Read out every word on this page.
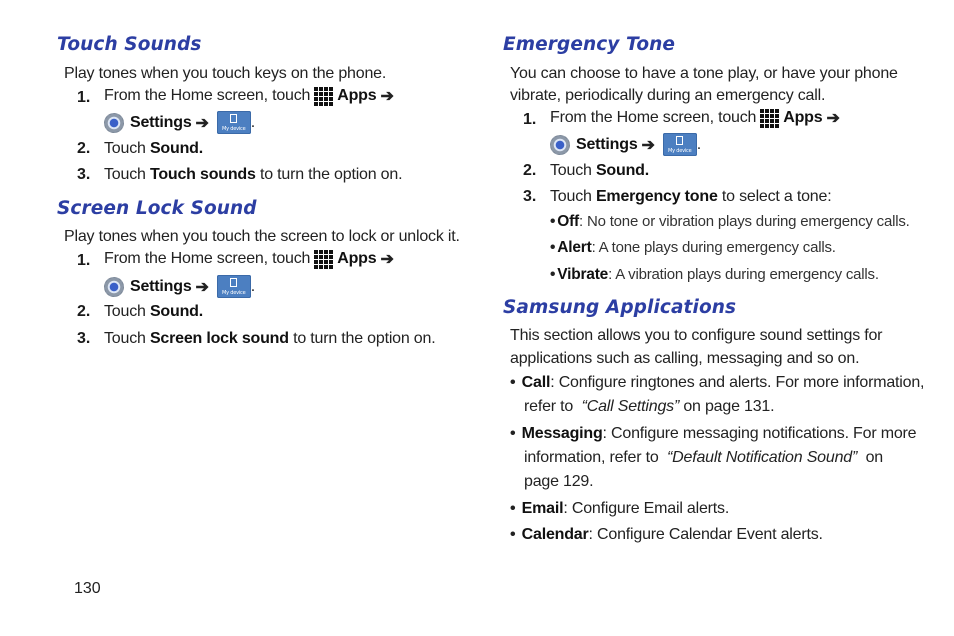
Touch Sounds

Play tones when you touch keys on the phone.

1. From the Home screen, touch Apps ➔
Settings ➔	My device .
2. Touch
Sound.
3. Touch
Touch sounds
to turn the option on.
Screen Lock Sound

Play tones when you touch the screen to lock or unlock it.

1. From the Home screen, touch Apps ➔
Settings ➔	My device .
2. Touch
Sound.
3. Touch
Screen lock sound
to turn the option on.
Emergency Tone

You can choose to have a tone play, or have your phone

vibrate, periodically during an emergency call.

1. From the Home screen, touch Apps ➔
Settings ➔	My device .
2. Touch
Sound.
3. Touch
Emergency tone
to select a tone:
• Off: No tone or vibration plays during emergency calls.
• Alert: A tone plays during emergency calls.
• Vibrate: A vibration plays during emergency calls.
Samsung Applications

This section allows you to configure sound settings for

applications such as calling, messaging and so on.

• Call: Configure ringtones and alerts. For more information,
refer to “Call Settings” on page 131.
• Messaging: Configure messaging notifications. For more
information, refer to “Default Notification Sound” on
page 129.
• Email: Configure Email alerts.
• Calendar: Configure Calendar Event alerts.
130
